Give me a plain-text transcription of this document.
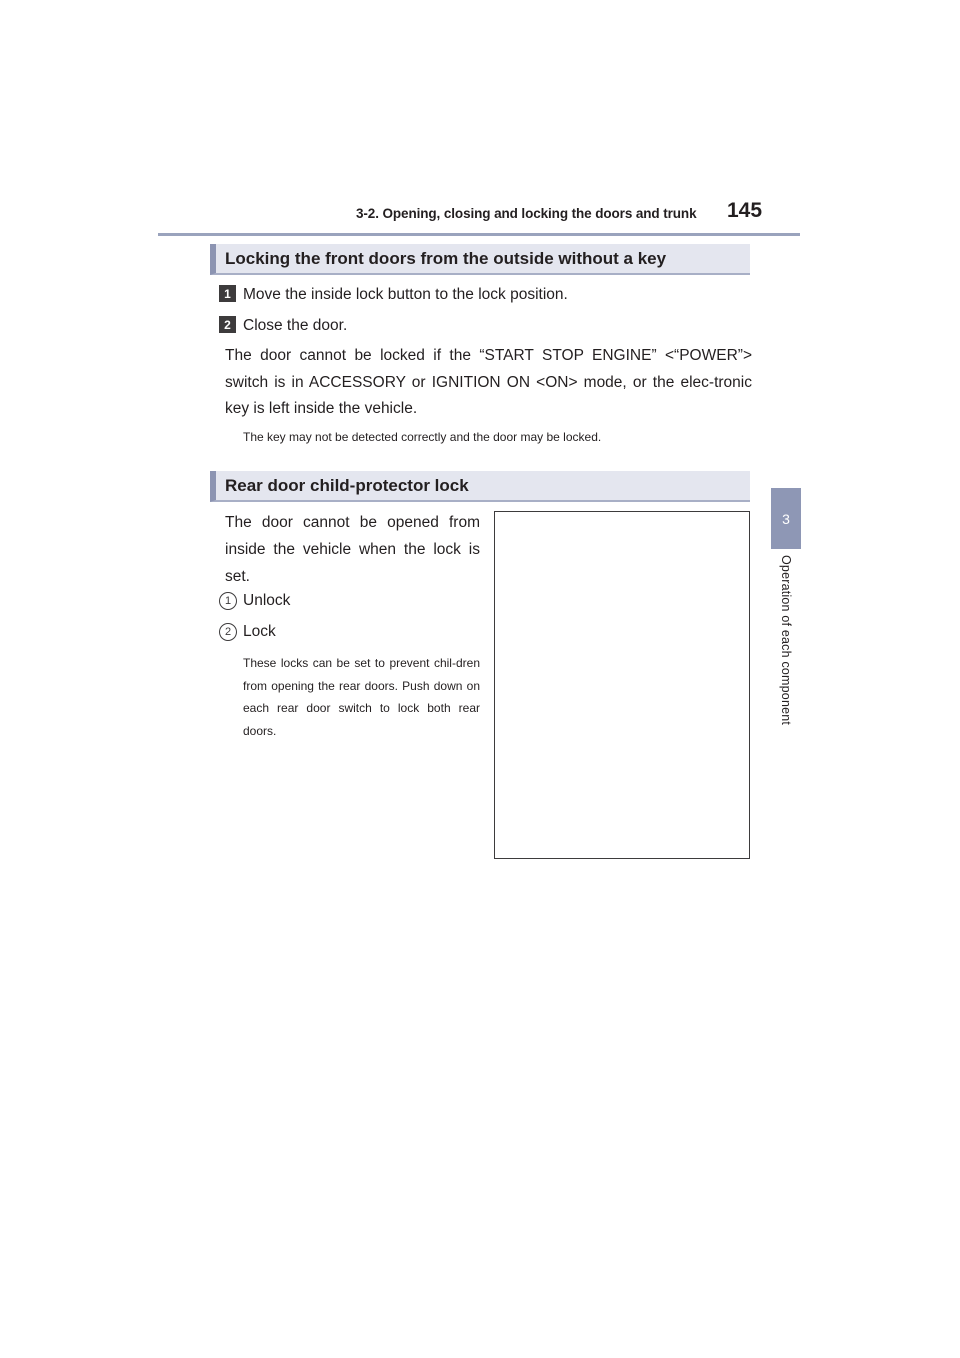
3-2. Opening, closing and locking the doors and trunk 145
3
Operation of each component
Locking the front doors from the outside without a key
1 Move the inside lock button to the lock position.
2 Close the door.
The door cannot be locked if the “START STOP ENGINE” <“POWER”> switch is in ACCESSORY or IGNITION ON <ON> mode, or the elec-tronic key is left inside the vehicle.
The key may not be detected correctly and the door may be locked.
Rear door child-protector lock
The door cannot be opened from inside the vehicle when the lock is set.
1 Unlock
2 Lock
These locks can be set to prevent chil-dren from opening the rear doors. Push down on each rear door switch to lock both rear doors.
